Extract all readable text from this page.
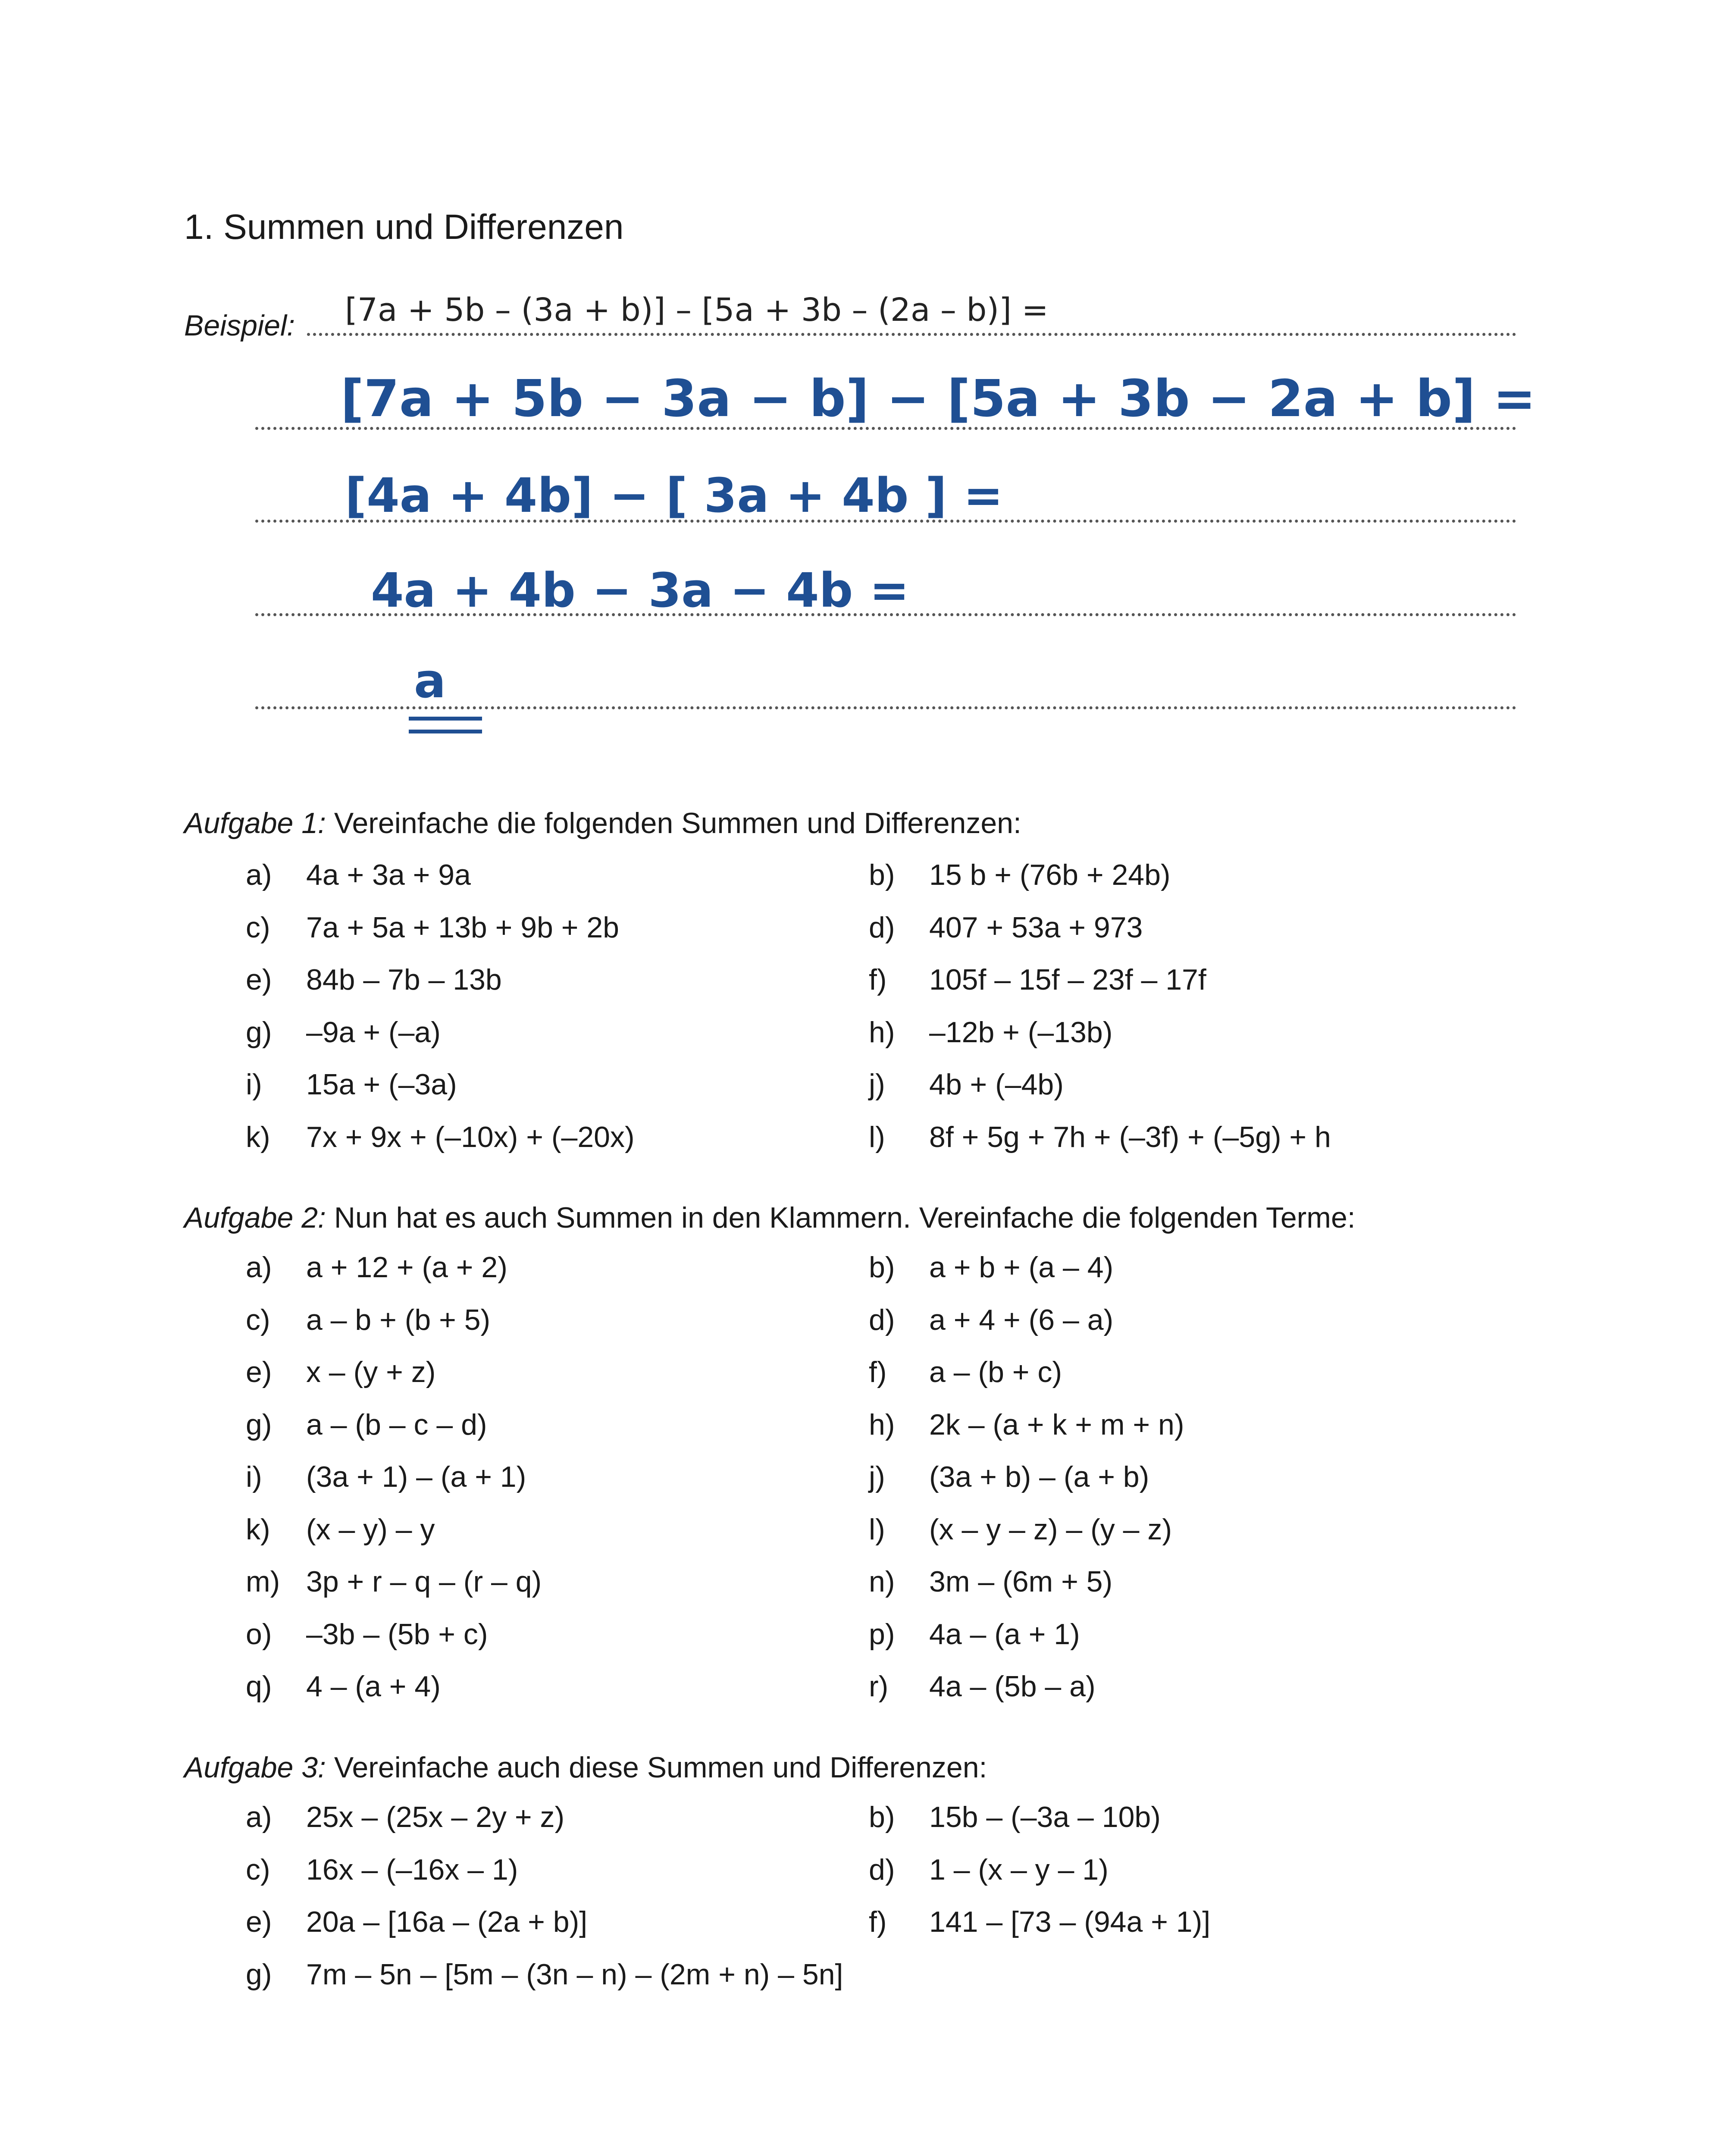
1. Summen und Differenzen
Beispiel: [7a + 5b – (3a + b)] – [5a + 3b – (2a – b)] =
[7a + 5b − 3a − b] − [5a + 3b − 2a + b] =
[4a + 4b] − [ 3a + 4b ] =
4a + 4b − 3a − 4b =
a
Aufgabe 1: Vereinfache die folgenden Summen und Differenzen:
a) 4a + 3a + 9a	b) 15 b + (76b + 24b)
c) 7a + 5a + 13b + 9b + 2b	d) 407 + 53a + 973
e) 84b – 7b – 13b	f) 105f – 15f – 23f – 17f
g) –9a + (–a)	h) –12b + (–13b)
i) 15a + (–3a)	j) 4b + (–4b)
k) 7x + 9x + (–10x) + (–20x)	l) 8f + 5g + 7h + (–3f) + (–5g) + h
Aufgabe 2: Nun hat es auch Summen in den Klammern. Vereinfache die folgenden Terme:
a) a + 12 + (a + 2)	b) a + b + (a – 4)
c) a – b + (b + 5)	d) a + 4 + (6 – a)
e) x – (y + z)	f) a – (b + c)
g) a – (b – c – d)	h) 2k – (a + k + m + n)
i) (3a + 1) – (a + 1)	j) (3a + b) – (a + b)
k) (x – y) – y	l) (x – y – z) – (y – z)
m) 3p + r – q – (r – q)	n) 3m – (6m + 5)
o) –3b – (5b + c)	p) 4a – (a + 1)
q) 4 – (a + 4)	r) 4a – (5b – a)
Aufgabe 3: Vereinfache auch diese Summen und Differenzen:
a) 25x – (25x – 2y + z)	b) 15b – (–3a – 10b)
c) 16x – (–16x – 1)	d) 1 – (x – y – 1)
e) 20a – [16a – (2a + b)]	f) 141 – [73 – (94a + 1)]
g) 7m – 5n – [5m – (3n – n) – (2m + n) – 5n]
